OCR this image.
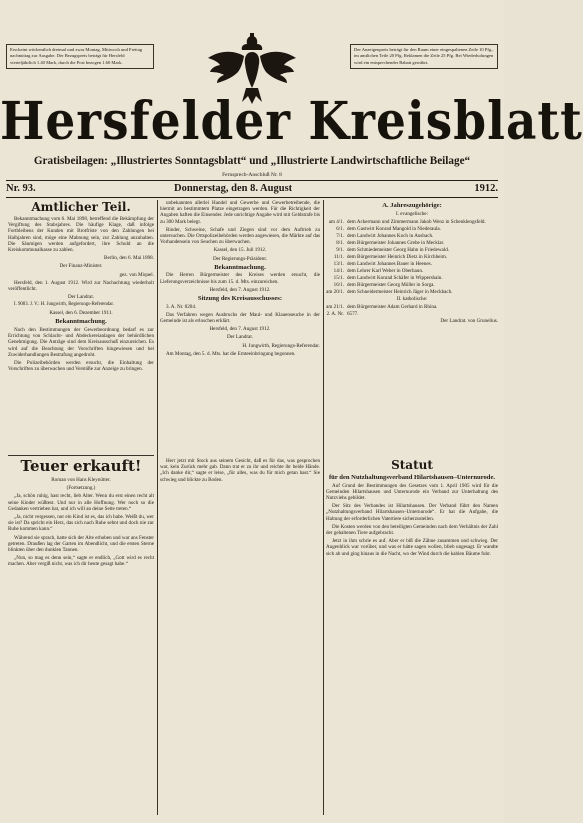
Erscheint wöchentlich dreimal und zwar Montag, Mittwoch und Freitag nachmittag zur Ausgabe. Der Bezugspreis beträgt für Hersfeld vierteljährlich 1.40 Mark, durch die Post bezogen 1.60 Mark.
Der Anzeigenpreis beträgt für den Raum einer eingespaltenen Zeile 10 Pfg., im amtlichen Teile 20 Pfg. Reklamen die Zeile 25 Pfg. Bei Wiederholungen wird ein entsprechender Rabatt gewährt.
Hersfelder Kreisblatt
Gratisbeilagen: „Illustriertes Sonntagsblatt“ und „Illustrierte Landwirtschaftliche Beilage“
Fernsprech-Anschluß Nr. 8
Nr. 93.	Donnerstag, den 8. August	1912.
Amtlicher Teil.

Bekanntmachung vom 6. Mai 1898, betreffend die Bekämpfung der Vergiftung des Stabsjahres. Die häufige Klage, daß infolge Fortbleibens der Kunden mit Brotfriste von den Zahlungen bei Halbjahren sind, möge eine Mahnung sein, zur Zahlung anzuhalten. Die Säumigen werden aufgefordert, ihre Schuld an die Kreiskommunalkasse zu zahlen.

Berlin, den 6. Mai 1898.

Der Finanz-Minister.

gez. von Miquel.

Hersfeld, den 1. August 1912. Wird zur Nachachtung wiederholt veröffentlicht.

Der Landrat.

I. 9083. J. V.: H. Jungwirth, Regierungs-Referendar.

Kassel, den 6. Dezember 1911.

Bekanntmachung.

Nach den Bestimmungen der Gewerbeordnung bedarf es zur Errichtung von Schlacht- und Abdeckereianlagen der behördlichen Genehmigung. Die Anträge sind dem Kreisausschuß einzureichen. Es wird auf die Beachtung der Vorschriften hingewiesen und bei Zuwiderhandlungen Bestrafung angedroht.

Die Polizeibehörden werden ersucht, die Einhaltung der Vorschriften zu überwachen und Verstöße zur Anzeige zu bringen.

unbekannten allerlei Handel und Gewerbe und Gewerbetreibende, die hiermit an bestimmtem Platze eingetragen werden. Für die Richtigkeit der Angaben haften die Einsender. Jede unrichtige Angabe wird mit Geldstrafe bis zu 300 Mark belegt.

Rinder, Schweine, Schafe und Ziegen sind vor dem Auftrieb zu untersuchen. Die Ortspolizeibehörden werden angewiesen, die Märkte auf das Vorhandensein von Seuchen zu überwachen.

Kassel, den 15. Juli 1912.

Der Regierungs-Präsident.

Bekanntmachung.

Die Herren Bürgermeister des Kreises werden ersucht, die Lieferungsverzeichnisse bis zum 15. d. Mts. einzureichen.

Hersfeld, den 7. August 1912.

Sitzung des Kreisausschusses:

3. A. Nr. 8204.

Das Verfahren wegen Ausbruchs der Maul- und Klauenseuche in der Gemeinde ist als erloschen erklärt.

Hersfeld, den 7. August 1912.

Der Landrat.

H. Jungwirth, Regierungs-Referendar.

Am Montag, den 5. d. Mts. hat die Ernteeinbringung begonnen.

A. Jahreszugehörige:

I. evangelische:

am 4/1. dem Ackermann und Zimmermann Jakob Wenz in Schenklengsfeld.
6/1. dem Gastwirt Konrad Mangold in Niederaula.
7/1. dem Landwirt Johannes Koch in Ausbach.
8/1. dem Bürgermeister Johannes Grebe in Mecklar.
9/1. dem Schmiedemeister Georg Hahn in Friedewald.
11/1. dem Bürgermeister Heinrich Dietz in Kirchheim.
13/1. dem Landwirt Johannes Bauer in Heenes.
14/1. dem Lehrer Karl Weber in Oberhaun.
15/1. dem Landwirt Konrad Schäfer in Wippershain.
16/1. dem Bürgermeister Georg Möller in Sorga.
am 20/1. dem Schneidermeister Heinrich Jäger in Meckbach.

II. katholische:

am 21/1. dem Bürgermeister Adam Gerhard in Rhina.
2. A. Nr. 6577.

Der Landrat. von Grunelius.

Teuer erkauft!

Roman von Hans Kleynütter.

(Fortsetzung.)

„Ja, schön ruhig, hast recht, lieb Alter. Wenn du erst einen recht alt seine Kinder wüßtest. Und nur in alle Hoffnung. Wer noch so die Gedanken vertrieben hat, und ich will an deine Seite treten.“

„Ja, nicht vergessen, nur ein Kind ist es, das ich habe. Weißt du, wer sie ist? Da spricht ein Herz, das sich nach Ruhe sehnt und doch nie zur Ruhe kommen kann.“

Während sie sprach, hatte sich der Alte erhoben und war ans Fenster getreten. Draußen lag der Garten im Abendlicht, und die ersten Sterne blinkten über den dunklen Tannen.

„Nun, so mag es denn sein,“ sagte er endlich, „Gott wird es recht machen. Aber vergiß nicht, was ich dir heute gesagt habe.“

Herr jetzt mit Stock aus seinem Gesicht, daß es für das, was gesprochen war, kein Zurück mehr gab. Dann trat er zu ihr und reichte ihr beide Hände. „Ich danke dir,“ sagte er leise, „für alles, was du für mich getan hast.“ Sie schwieg und blickte zu Boden.

Statut
für den Nutzhaltungsverband Hilartshausen–Unternurode.

Auf Grund der Bestimmungen des Gesetzes vom 1. April 1905 wird für die Gemeinden Hilartshausen und Unternurode ein Verband zur Unterhaltung des Nutzviehs gebildet.

Der Sitz des Verbandes ist Hilartshausen. Der Verband führt den Namen „Nutzhaltungsverband Hilartshausen–Unternurode“. Er hat die Aufgabe, die Haltung der erforderlichen Vatertiere sicherzustellen.

Die Kosten werden von den beteiligten Gemeinden nach dem Verhältnis der Zahl der gehaltenen Tiere aufgebracht.

Jetzt in ihm schrie es auf. Aber er biß die Zähne zusammen und schwieg. Der Augenblick war vorüber, und was er hätte sagen wollen, blieb ungesagt. Er wandte sich ab und ging hinaus in die Nacht, wo der Wind durch die kahlen Bäume fuhr.
